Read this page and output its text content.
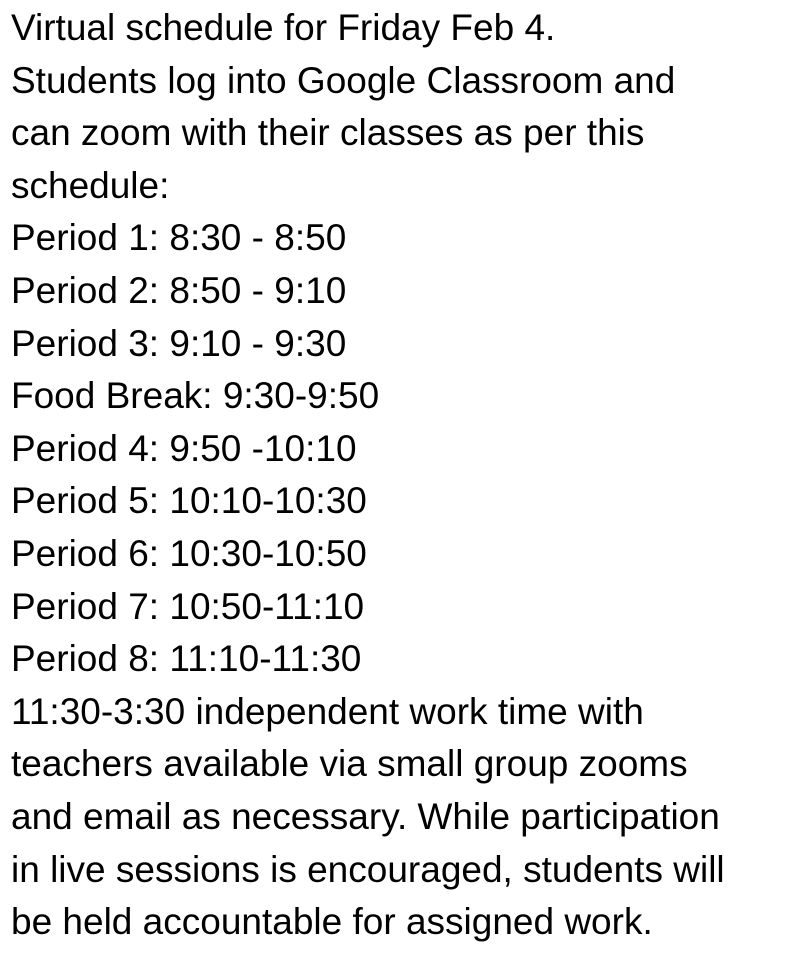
Virtual schedule for Friday Feb 4.
Students log into Google Classroom and
can zoom with their classes as per this
schedule:
Period 1: 8:30 - 8:50
Period 2: 8:50 - 9:10
Period 3: 9:10 - 9:30
Food Break: 9:30-9:50
Period 4: 9:50 -10:10
Period 5: 10:10-10:30
Period 6: 10:30-10:50
Period 7: 10:50-11:10
Period 8: 11:10-11:30
11:30-3:30 independent work time with
teachers available via small group zooms
and email as necessary. While participation
in live sessions is encouraged, students will
be held accountable for assigned work.
